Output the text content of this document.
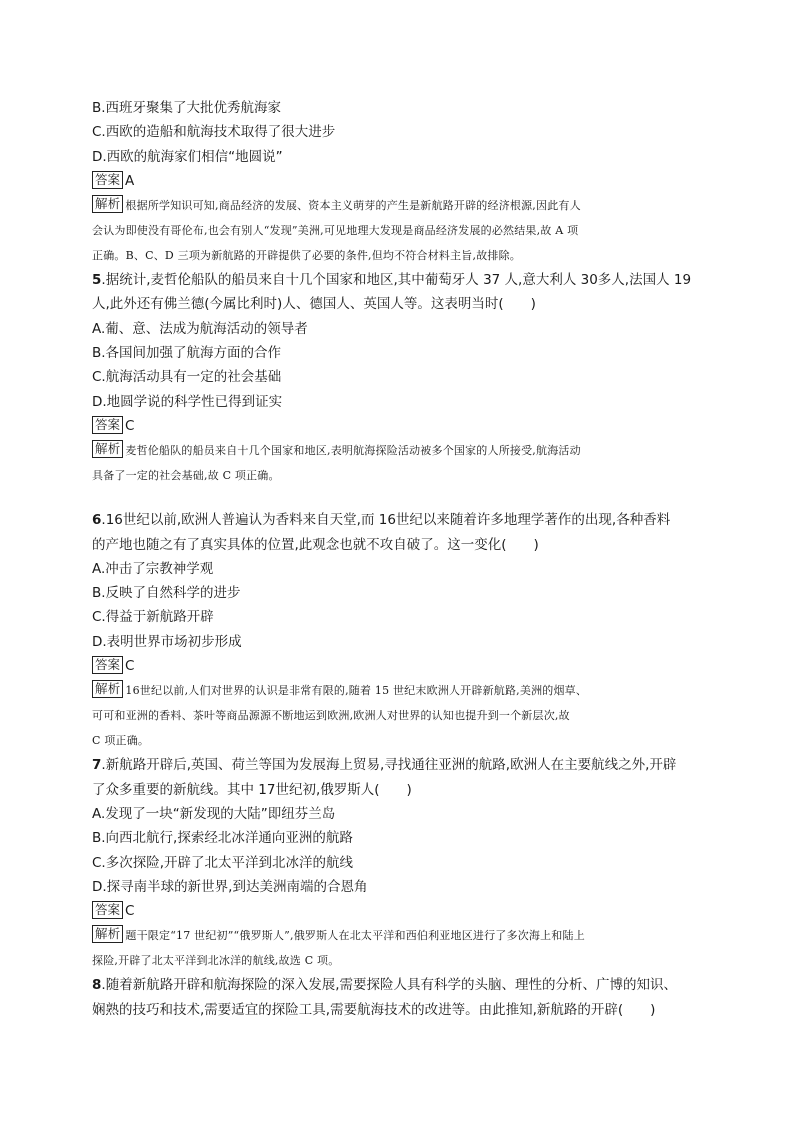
B.西班牙聚集了大批优秀航海家
C.西欧的造船和航海技术取得了很大进步
D.西欧的航海家们相信“地圆说”
答案 A
解析 根据所学知识可知,商品经济的发展、资本主义萌芽的产生是新航路开辟的经济根源,因此有人
会认为即使没有哥伦布,也会有别人“发现”美洲,可见地理大发现是商品经济发展的必然结果,故 A 项
正确。B、C、D 三项为新航路的开辟提供了必要的条件,但均不符合材料主旨,故排除。
5.据统计,麦哲伦船队的船员来自十几个国家和地区,其中葡萄牙人 37 人,意大利人 30多人,法国人 19
人,此外还有佛兰德(今属比利时)人、德国人、英国人等。这表明当时(　　)
A.葡、意、法成为航海活动的领导者
B.各国间加强了航海方面的合作
C.航海活动具有一定的社会基础
D.地圆学说的科学性已得到证实
答案 C
解析 麦哲伦船队的船员来自十几个国家和地区,表明航海探险活动被多个国家的人所接受,航海活动
具备了一定的社会基础,故 C 项正确。
6.16世纪以前,欧洲人普遍认为香料来自天堂,而 16世纪以来随着许多地理学著作的出现,各种香料
的产地也随之有了真实具体的位置,此观念也就不攻自破了。这一变化(　　)
A.冲击了宗教神学观
B.反映了自然科学的进步
C.得益于新航路开辟
D.表明世界市场初步形成
答案 C
解析 16世纪以前,人们对世界的认识是非常有限的,随着 15 世纪末欧洲人开辟新航路,美洲的烟草、
可可和亚洲的香料、茶叶等商品源源不断地运到欧洲,欧洲人对世界的认知也提升到一个新层次,故
C 项正确。
7.新航路开辟后,英国、荷兰等国为发展海上贸易,寻找通往亚洲的航路,欧洲人在主要航线之外,开辟
了众多重要的新航线。其中 17世纪初,俄罗斯人(　　)
A.发现了一块“新发现的大陆”即纽芬兰岛
B.向西北航行,探索经北冰洋通向亚洲的航路
C.多次探险,开辟了北太平洋到北冰洋的航线
D.探寻南半球的新世界,到达美洲南端的合恩角
答案 C
解析 题干限定“17 世纪初”“俄罗斯人”,俄罗斯人在北太平洋和西伯利亚地区进行了多次海上和陆上
探险,开辟了北太平洋到北冰洋的航线,故选 C 项。
8.随着新航路开辟和航海探险的深入发展,需要探险人具有科学的头脑、理性的分析、广博的知识、
娴熟的技巧和技术,需要适宜的探险工具,需要航海技术的改进等。由此推知,新航路的开辟(　　)
